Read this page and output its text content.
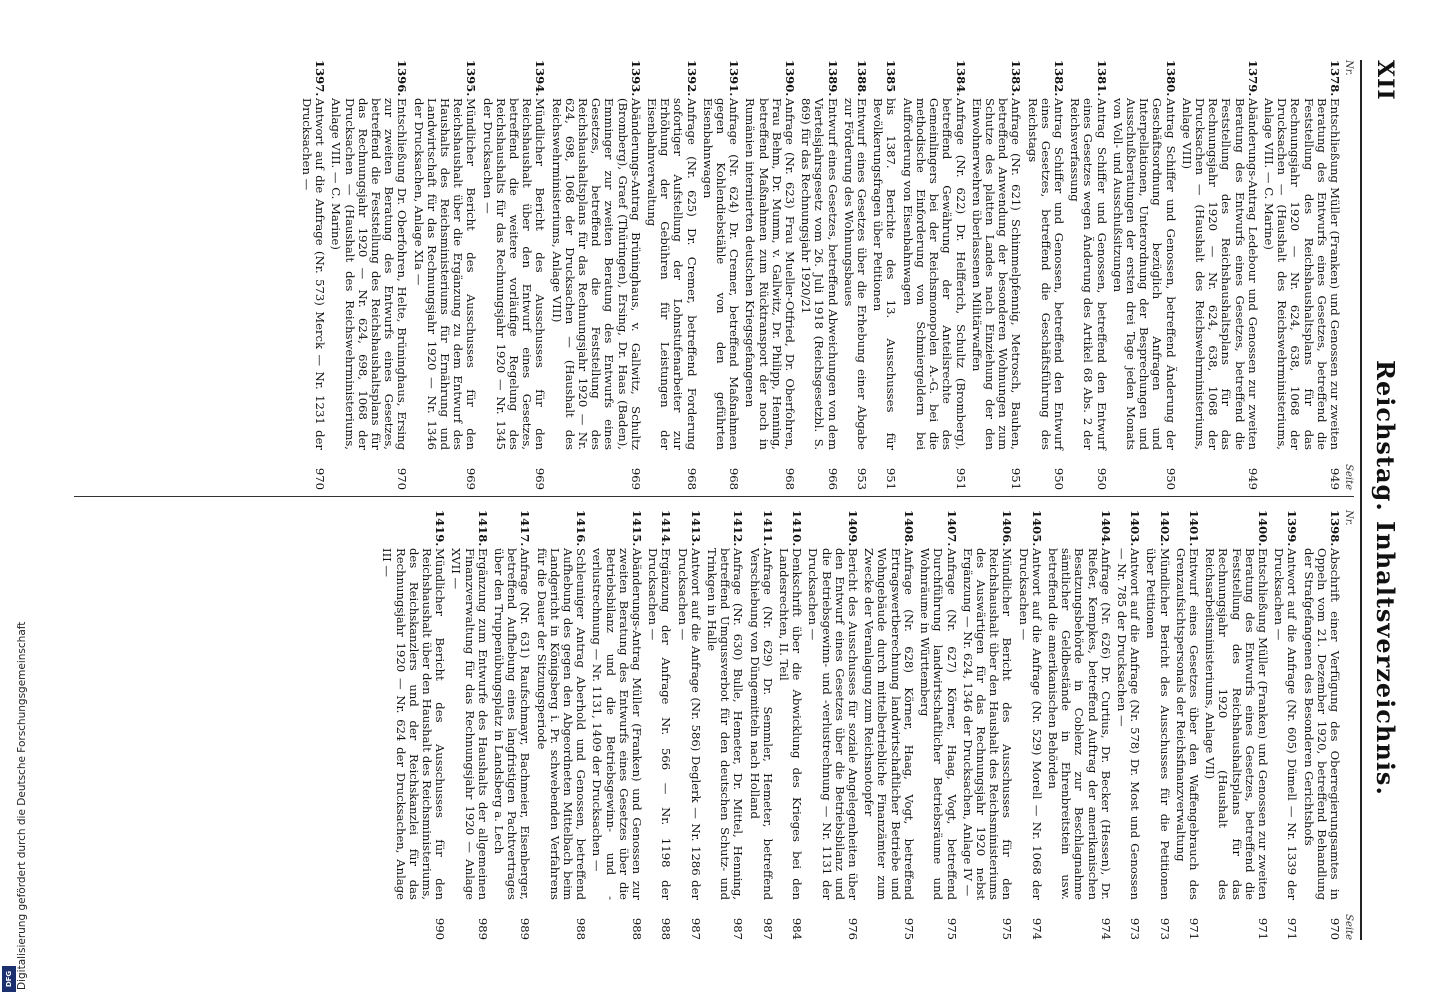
XII
Reichstag. Inhaltsverzeichnis.
Nr.
Seite
1378.
Entschließung Müller (Franken) und Genossen zur zweiten Beratung des Entwurfs eines Gesetzes, betreffend die Feststellung des Reichshaushaltsplans für das Rechnungsjahr 1920 — Nr. 624, 638, 1068 der Drucksachen — (Haushalt des Reichswehrministeriums, Anlage VIII. — C. Marine)
949
1379.
Abänderungs-Antrag Ledebour und Genossen zur zweiten Beratung des Entwurfs eines Gesetzes, betreffend die Feststellung des Reichshaushaltsplans für das Rechnungsjahr 1920 — Nr. 624, 638, 1068 der Drucksachen — (Haushalt des Reichswehrministeriums, Anlage VIII)
949
1380.
Antrag Schiffer und Genossen, betreffend Änderung der Geschäftsordnung bezüglich Anfragen und Interpellationen, Unterordnung der Besprechungen und Ausschußberatungen der ersten drei Tage jeden Monats von Voll- und Ausschußsitzungen
950
1381.
Antrag Schiffer und Genossen, betreffend den Entwurf eines Gesetzes wegen Änderung des Artikel 68 Abs. 2 der Reichsverfassung
950
1382.
Antrag Schiffer und Genossen, betreffend den Entwurf eines Gesetzes, betreffend die Geschäftsführung des Reichstags
950
1383.
Anfrage (Nr. 621) Schimmelpfennig, Metrosch, Bauhen, betreffend Anwendung der besonderen Wohnungen zum Schutze des platten Landes nach Einziehung der den Einwohnerwehren überlassenen Militärwaffen
951
1384.
Anfrage (Nr. 622) Dr. Helfferich, Schultz (Bromberg), betreffend Gewährung der Anteilsrechte des Gemeinlingers bei der Reichsmonopolen A.-G. bei die methodische Einforderung von Schmiergeldern bei Aufforderung von Eisenbahnwagen
951
1385
bis 1387. Berichte des 13. Ausschusses für Bevölkerungsfragen über Petitionen
951
1388.
Entwurf eines Gesetzes über die Erhebung einer Abgabe zur Förderung des Wohnungsbaues
953
1389.
Entwurf eines Gesetzes, betreffend Abweichungen von dem Viertelsjahrsgesetz vom 26. Juli 1918 (Reichsgesetzbl. S. 869) für das Rechnungsjahr 1920/21
966
1390.
Anfrage (Nr. 623) Frau Mueller-Otfried, Dr. Oberfohren, Frau Behm, Dr. Mumm, v. Gallwitz, Dr. Philipp, Henning, betreffend Maßnahmen zum Rücktransport der noch in Rumänien internierten deutschen Kriegsgefangenen
968
1391.
Anfrage (Nr. 624) Dr. Cremer, betreffend Maßnahmen gegen Kohlendiebstähle von den geführten Eisenbahnwagen
968
1392.
Anfrage (Nr. 625) Dr. Cremer, betreffend Forderung sofortiger Aufstellung der Lohnstufenarbeiter zur Erhöhung der Gebühren für Leistungen der Eisenbahnverwaltung
968
1393.
Abänderungs-Antrag Brüninghaus, v. Gallwitz, Schultz (Bromberg), Graef (Thüringen), Ersing, Dr. Haas (Baden), Emminger zur zweiten Beratung des Entwurfs eines Gesetzes, betreffend die Feststellung des Reichshaushaltsplans für das Rechnungsjahr 1920 — Nr. 624, 698, 1068 der Drucksachen — (Haushalt des Reichswehrministeriums, Anlage VIII)
969
1394.
Mündlicher Bericht des Ausschusses für den Reichshaushalt über den Entwurf eines Gesetzes, betreffend die weitere vorläufige Regelung des Reichshaushalts für das Rechnungsjahr 1920 — Nr. 1345 der Drucksachen —
969
1395.
Mündlicher Bericht des Ausschusses für den Reichshaushalt über die Ergänzung zu dem Entwurf des Haushalts des Reichsministeriums für Ernährung und Landwirtschaft für das Rechnungsjahr 1920 — Nr. 1346 der Drucksachen, Anlage XIa —
969
1396.
Entschließung Dr. Oberfohren, Helte, Brüninghaus, Ersing zur zweiten Beratung des Entwurfs eines Gesetzes, betreffend die Feststellung des Reichshaushaltsplans für das Rechnungsjahr 1920 — Nr. 624, 698, 1068 der Drucksachen — (Haushalt des Reichswehrministeriums, Anlage VIII. — C. Marine)
970
1397.
Antwort auf die Anfrage (Nr. 573) Merck — Nr. 1231 der Drucksachen —
970
Nr.
Seite
1398.
Abschrift einer Verfügung des Oberregierungsamtes in Oppeln vom 21. Dezember 1920, betreffend Behandlung der Strafgefangenen des Besonderen Gerichtshofs
970
1399.
Antwort auf die Anfrage (Nr. 605) Dümell — Nr. 1339 der Drucksachen —
971
1400.
Entschließung Müller (Franken) und Genossen zur zweiten Beratung des Entwurfs eines Gesetzes, betreffend die Feststellung des Reichshaushaltsplans für das Rechnungsjahr 1920 (Haushalt des Reichsarbeitsministeriums, Anlage VII)
971
1401.
Entwurf eines Gesetzes über den Waffengebrauch des Grenzaufsichtspersonals der Reichsfinanzverwaltung
971
1402.
Mündlicher Bericht des Ausschusses für die Petitionen über Petitionen
973
1403.
Antwort auf die Anfrage (Nr. 578) Dr. Most und Genossen — Nr. 785 der Drucksachen —
973
1404.
Anfrage (Nr. 626) Dr. Curtius, Dr. Becker (Hessen), Dr. Rießer, Kempkes, betreffend Auftrag der amerikanischen Besatzungsbehörde in Coblenz zur Beschlagnahme sämtlicher Geldbestände in Ehrenbreitstein usw. betreffend die amerikanischen Behörden
974
1405.
Antwort auf die Anfrage (Nr. 529) Morell — Nr. 1068 der Drucksachen —
974
1406.
Mündlicher Bericht des Ausschusses für den Reichshaushalt über den Haushalt des Reichsministeriums des Auswärtigen für das Rechnungsjahr 1920 nebst Ergänzung — Nr. 624, 1346 der Drucksachen, Anlage IV —
975
1407.
Anfrage (Nr. 627) Körner, Haag, Vogt, betreffend Durchführung landwirtschaftlicher Betriebsräume und Wohnräume in Württemberg
975
1408.
Anfrage (Nr. 628) Körner, Haag, Vogt, betreffend Ertragswertberechnung landwirtschaftlicher Betriebe und Wohngebäude durch mittelbetriebliche Finanzämter zum Zwecke der Veranlagung zum Reichsnotopfer
975
1409.
Bericht des Ausschusses für soziale Angelegenheiten über den Entwurf eines Gesetzes über die Betriebsbilanz und die Betriebsgewinn- und -verlustrechnung — Nr. 1131 der Drucksachen —
976
1410.
Denkschrift über die Abwicklung des Krieges bei den Landesrechten, II. Teil
984
1411.
Anfrage (Nr. 629) Dr. Semmler, Hemeter, betreffend Verschiebung von Düngemitteln nach Holland
987
1412.
Anfrage (Nr. 630) Bulle, Hemeter, Dr. Mittel, Henning, betreffend Umgussverbot für den deutschen Schutz- und Trinkgen in Halle
987
1413.
Antwort auf die Anfrage (Nr. 586) Deglerk — Nr. 1286 der Drucksachen —
987
1414.
Ergänzung der Anfrage Nr. 566 — Nr. 1198 der Drucksachen —
988
1415.
Abänderungs-Antrag Müller (Franken) und Genossen zur zweiten Beratung des Entwurfs eines Gesetzes über die Betriebsbilanz und die Betriebsgewinn- und -verlustrechnung — Nr. 1131, 1409 der Drucksachen —
988
1416.
Schleuniger Antrag Aberhold und Genossen, betreffend Aufhebung des gegen den Abgeordneten Mittelbach beim Landgericht in Königsberg i. Pr. schwebenden Verfahrens für die Dauer der Sitzungsperiode
988
1417.
Anfrage (Nr. 631) Raufschmayr, Bachmeier, Eisenberger, betreffend Aufhebung eines langfristigen Pachtvertrages über den Truppenübungsplatz in Landsberg a. Lech
989
1418.
Ergänzung zum Entwurfe des Haushalts der allgemeinen Finanzverwaltung für das Rechnungsjahr 1920 — Anlage XVII —
989
1419.
Mündlicher Bericht des Ausschusses für den Reichshaushalt über den Haushalt des Reichsministeriums, des Reichskanzlers und der Reichskanzlei für das Rechnungsjahr 1920 — Nr. 624 der Drucksachen, Anlage III —
990
Digitalisierung gefördert durch die Deutsche Forschungsgemeinschaft
DFG
